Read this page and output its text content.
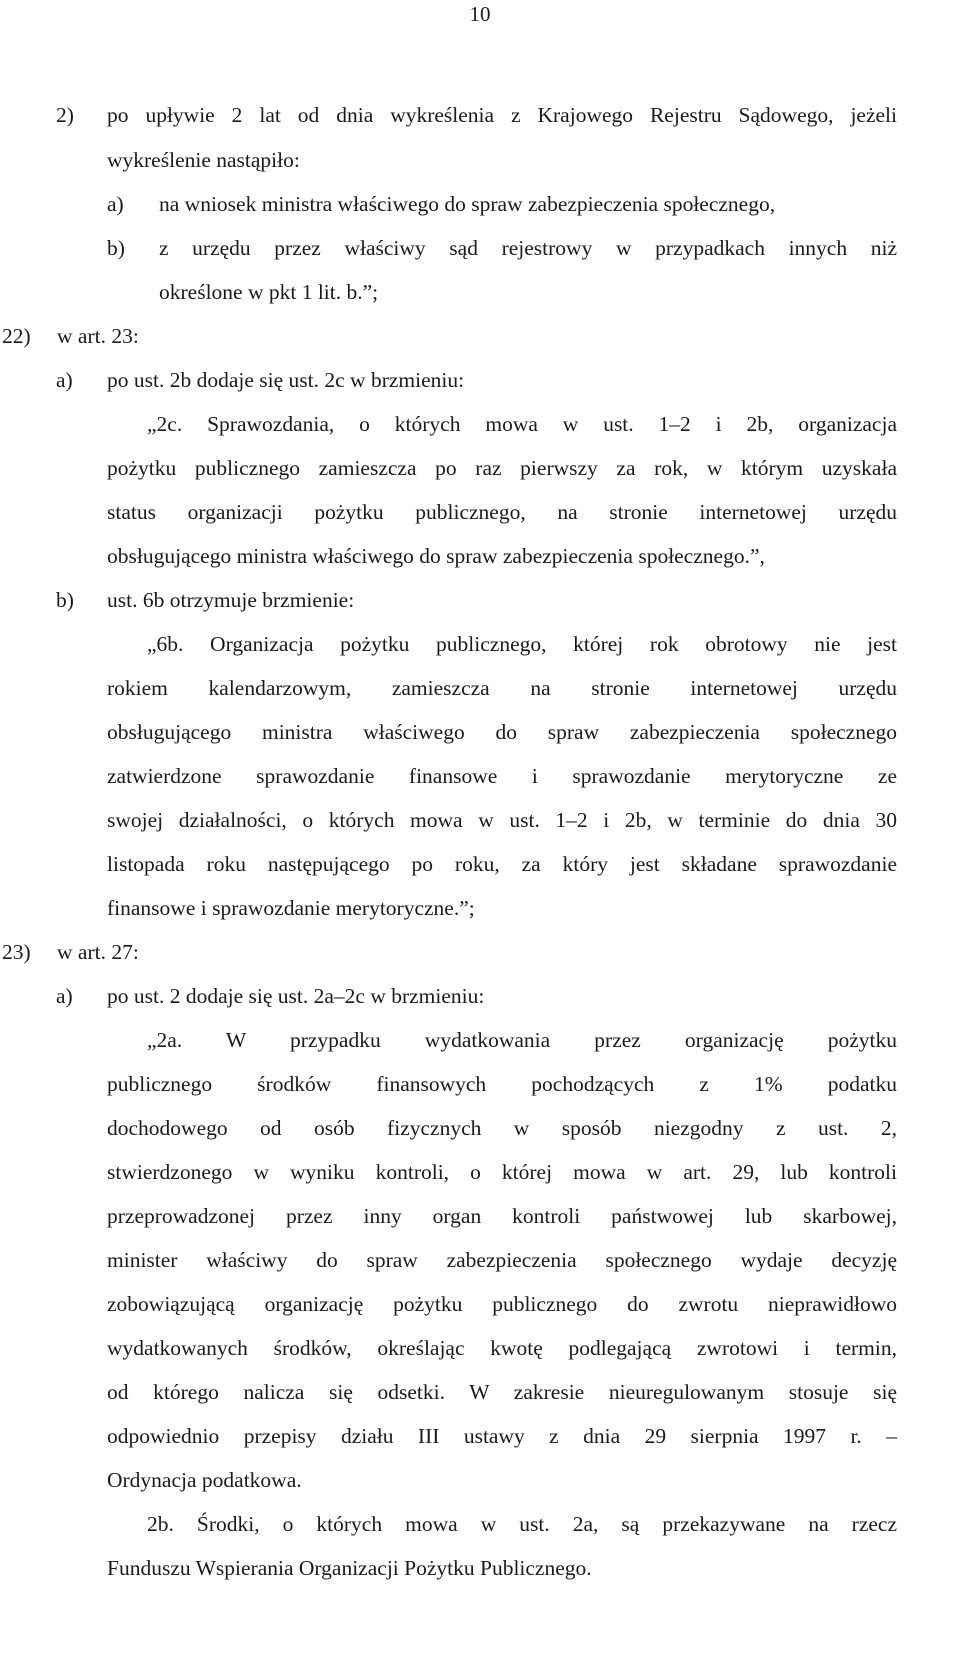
10
2) po upływie 2 lat od dnia wykreślenia z Krajowego Rejestru Sądowego, jeżeli
wykreślenie nastąpiło:
a) na wniosek ministra właściwego do spraw zabezpieczenia społecznego,
b) z urzędu przez właściwy sąd rejestrowy w przypadkach innych niż
określone w pkt 1 lit. b.”;
22) w art. 23:
a) po ust. 2b dodaje się ust. 2c w brzmieniu:
„2c. Sprawozdania, o których mowa w ust. 1–2 i 2b, organizacja
pożytku publicznego zamieszcza po raz pierwszy za rok, w którym uzyskała
status organizacji pożytku publicznego, na stronie internetowej urzędu
obsługującego ministra właściwego do spraw zabezpieczenia społecznego.”,
b) ust. 6b otrzymuje brzmienie:
„6b. Organizacja pożytku publicznego, której rok obrotowy nie jest
rokiem kalendarzowym, zamieszcza na stronie internetowej urzędu
obsługującego ministra właściwego do spraw zabezpieczenia społecznego
zatwierdzone sprawozdanie finansowe i sprawozdanie merytoryczne ze
swojej działalności, o których mowa w ust. 1–2 i 2b, w terminie do dnia 30
listopada roku następującego po roku, za który jest składane sprawozdanie
finansowe i sprawozdanie merytoryczne.”;
23) w art. 27:
a) po ust. 2 dodaje się ust. 2a–2c w brzmieniu:
„2a. W przypadku wydatkowania przez organizację pożytku
publicznego środków finansowych pochodzących z 1% podatku
dochodowego od osób fizycznych w sposób niezgodny z ust. 2,
stwierdzonego w wyniku kontroli, o której mowa w art. 29, lub kontroli
przeprowadzonej przez inny organ kontroli państwowej lub skarbowej,
minister właściwy do spraw zabezpieczenia społecznego wydaje decyzję
zobowiązującą organizację pożytku publicznego do zwrotu nieprawidłowo
wydatkowanych środków, określając kwotę podlegającą zwrotowi i termin,
od którego nalicza się odsetki. W zakresie nieuregulowanym stosuje się
odpowiednio przepisy działu III ustawy z dnia 29 sierpnia 1997 r. –
Ordynacja podatkowa.
2b. Środki, o których mowa w ust. 2a, są przekazywane na rzecz
Funduszu Wspierania Organizacji Pożytku Publicznego.
